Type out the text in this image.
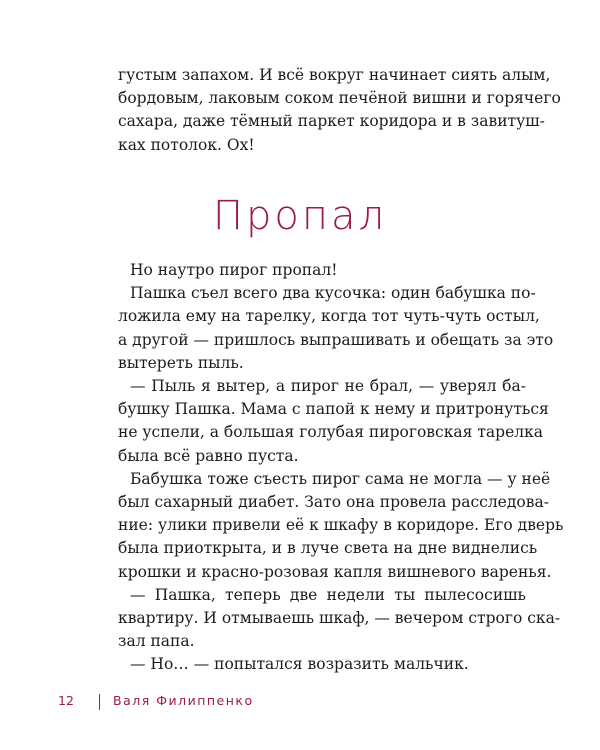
густым запахом. И всё вокруг начинает сиять алым,
бордовым, лаковым соком печёной вишни и горячего
сахара, даже тёмный паркет коридора и в завитуш-
ках потолок. Ох!
Пропал
Но наутро пирог пропал!
Пашка съел всего два кусочка: один бабушка по-
ложила ему на тарелку, когда тот чуть-чуть остыл,
а другой — пришлось выпрашивать и обещать за это
вытереть пыль.
— Пыль я вытер, а пирог не брал, — уверял ба-
бушку Пашка. Мама с папой к нему и притронуться
не успели, а большая голубая пироговская тарелка
была всё равно пуста.
Бабушка тоже съесть пирог сама не могла — у неё
был сахарный диабет. Зато она провела расследова-
ние: улики привели её к шкафу в коридоре. Его дверь
была приоткрыта, и в луче света на дне виднелись
крошки и красно-розовая капля вишневого варенья.
— Пашка, теперь две недели ты пылесосишь
квартиру. И отмываешь шкаф, — вечером строго ска-
зал папа.
— Но… — попытался возразить мальчик.
12	Валя Филиппенко
